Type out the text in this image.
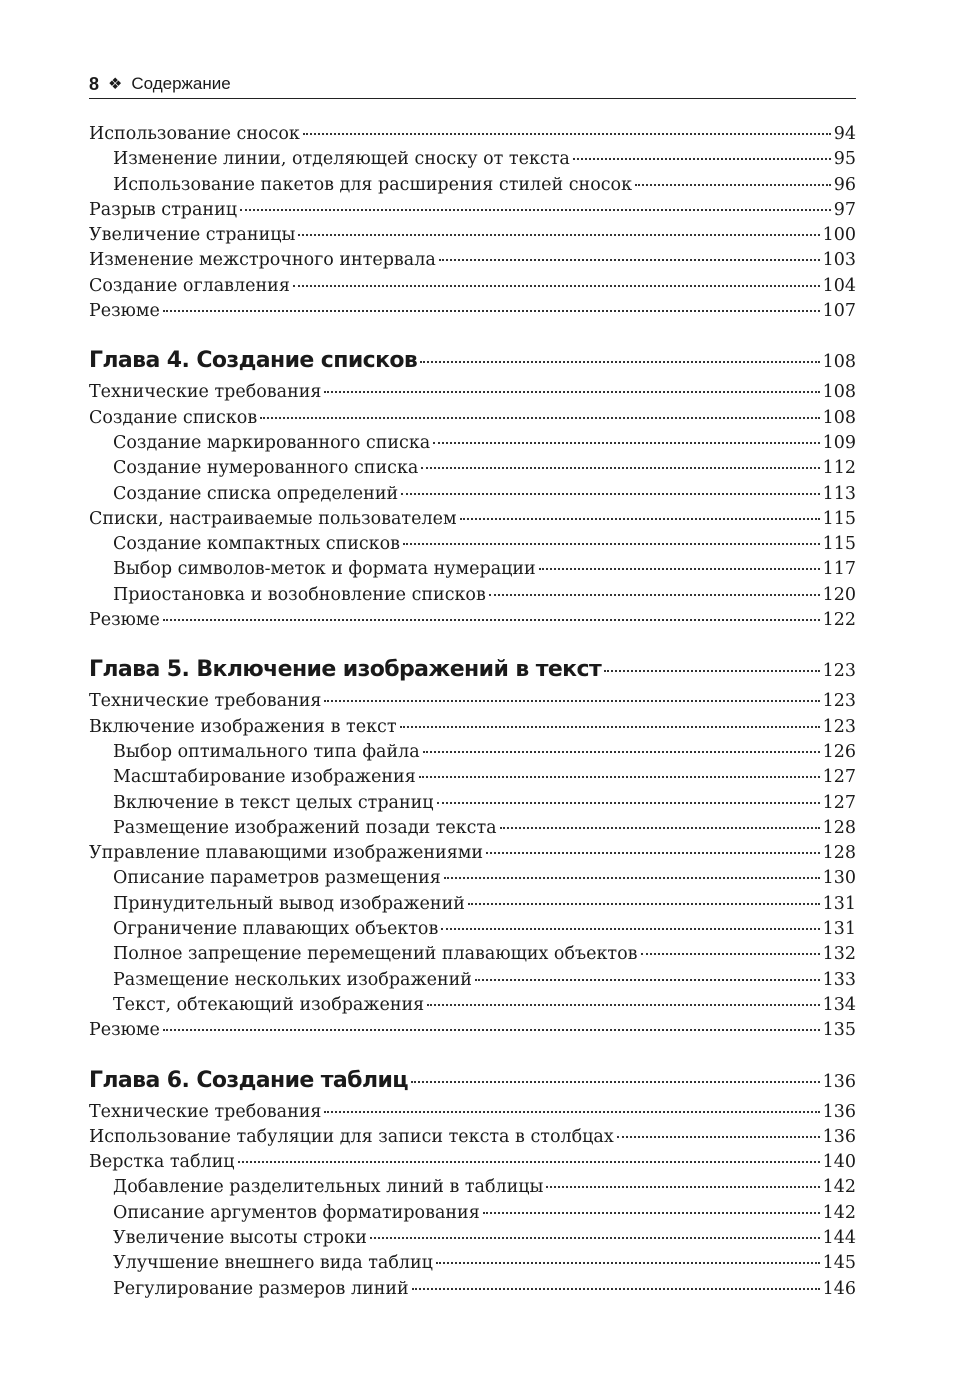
8 ❖ Содержание
Использование сносок	94
Изменение линии, отделяющей сноску от текста	95
Использование пакетов для расширения стилей сносок	96
Разрыв страниц	97
Увеличение страницы	100
Изменение межстрочного интервала	103
Создание оглавления	104
Резюме	107
Глава 4. Создание списков	108
Технические требования	108
Создание списков	108
Создание маркированного списка	109
Создание нумерованного списка	112
Создание списка определений	113
Списки, настраиваемые пользователем	115
Создание компактных списков	115
Выбор символов-меток и формата нумерации	117
Приостановка и возобновление списков	120
Резюме	122
Глава 5. Включение изображений в текст	123
Технические требования	123
Включение изображения в текст	123
Выбор оптимального типа файла	126
Масштабирование изображения	127
Включение в текст целых страниц	127
Размещение изображений позади текста	128
Управление плавающими изображениями	128
Описание параметров размещения	130
Принудительный вывод изображений	131
Ограничение плавающих объектов	131
Полное запрещение перемещений плавающих объектов	132
Размещение нескольких изображений	133
Текст, обтекающий изображения	134
Резюме	135
Глава 6. Создание таблиц	136
Технические требования	136
Использование табуляции для записи текста в столбцах	136
Верстка таблиц	140
Добавление разделительных линий в таблицы	142
Описание аргументов форматирования	142
Увеличение высоты строки	144
Улучшение внешнего вида таблиц	145
Регулирование размеров линий	146
